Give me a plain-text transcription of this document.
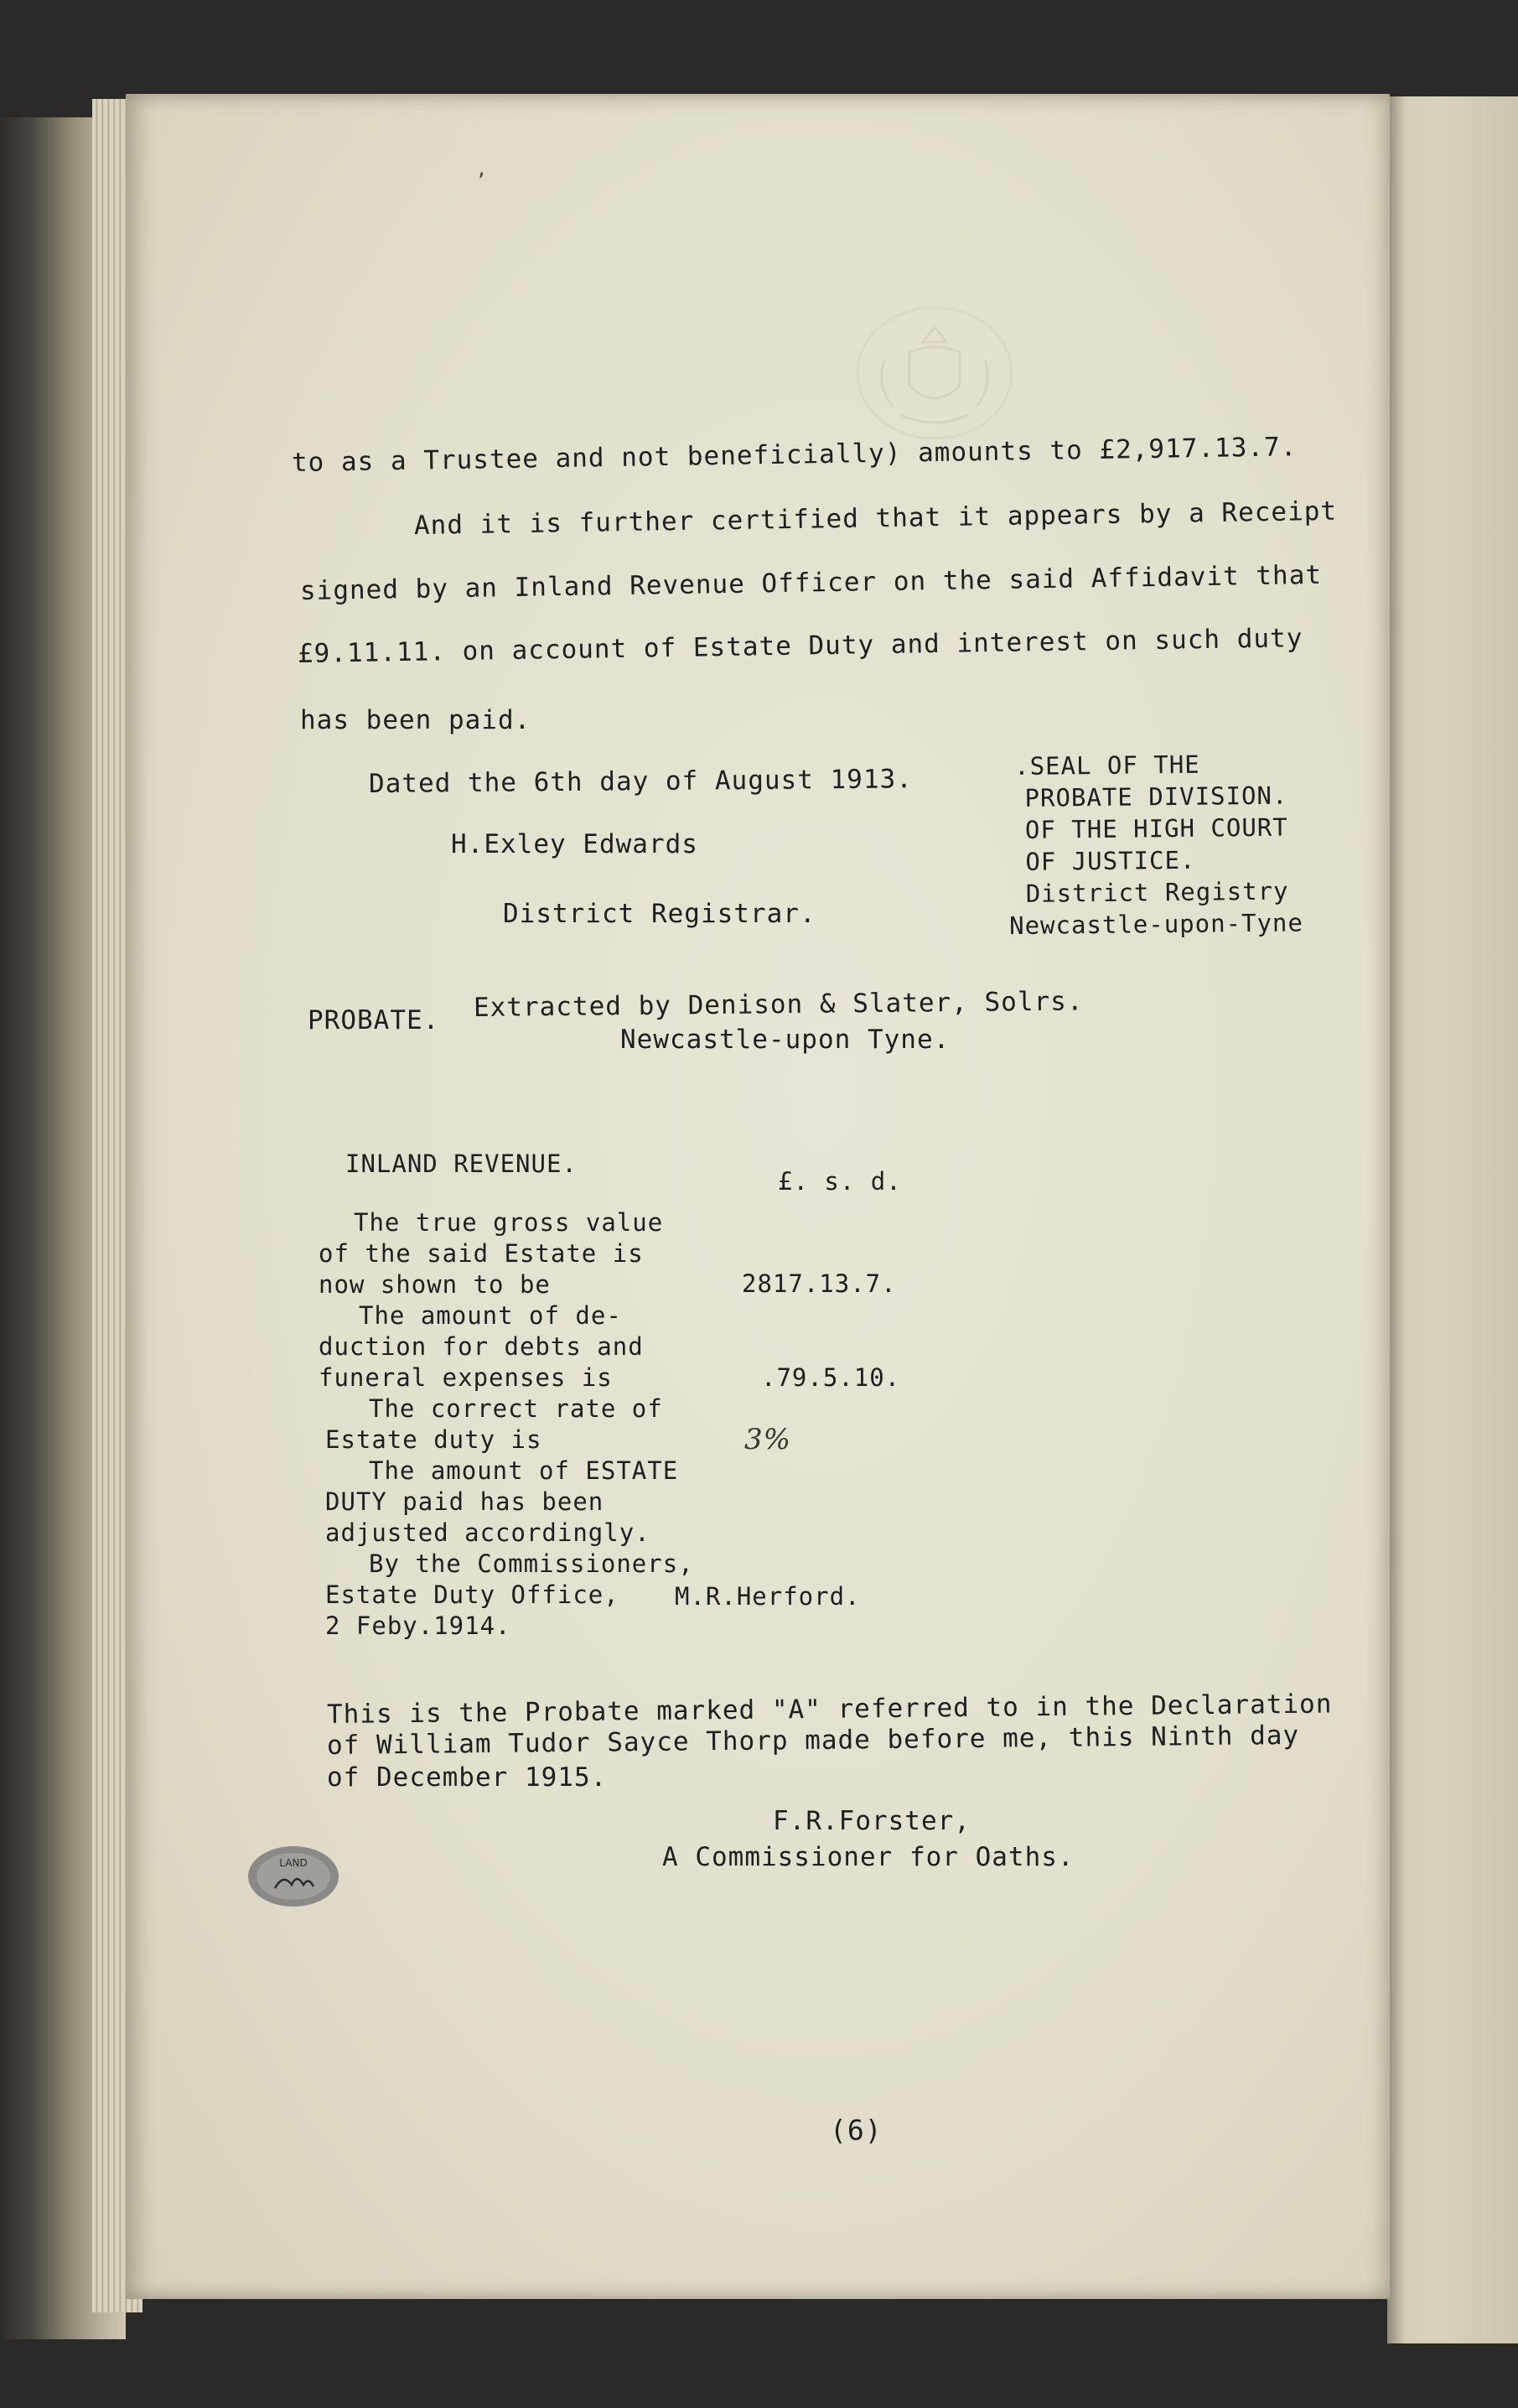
to as a Trustee and not beneficially) amounts to £2,917.13.7.
And it is further certified that it appears by a Receipt
signed by an Inland Revenue Officer on the said Affidavit that
£9.11.11. on account of Estate Duty and interest on such duty
has been paid.
Dated the 6th day of August 1913.
H.Exley Edwards
District Registrar.
.SEAL OF THE
PROBATE DIVISION.
OF THE HIGH COURT
OF JUSTICE.
District Registry
Newcastle-upon-Tyne
PROBATE. Extracted by Denison & Slater, Solrs.
Newcastle-upon Tyne.
INLAND REVENUE.
£. s. d.
The true gross value
of the said Estate is
now shown to be
The amount of de-
duction for debts and
funeral expenses is
The correct rate of
Estate duty is
The amount of ESTATE
DUTY paid has been
adjusted accordingly.
By the Commissioners,
Estate Duty Office,
2 Feby.1914.
2817.13.7.
.79.5.10.
3%
M.R.Herford.
This is the Probate marked "A" referred to in the Declaration
of William Tudor Sayce Thorp made before me, this Ninth day
of December 1915.
F.R.Forster,
A Commissioner for Oaths.
(6)
,
LAND
